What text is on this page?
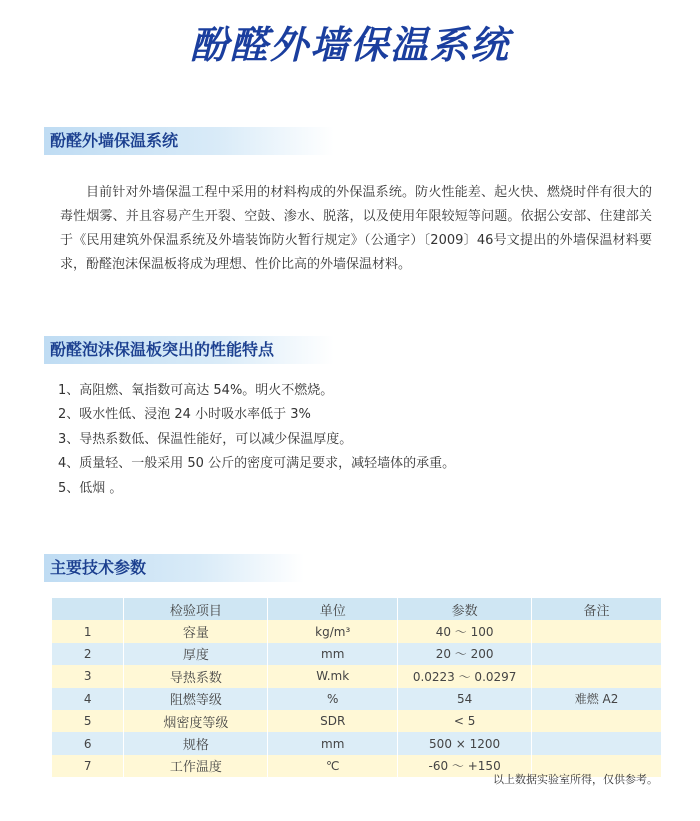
酚醛外墙保温系统
酚醛外墙保温系统
目前针对外墙保温工程中采用的材料构成的外保温系统。防火性能差、起火快、燃烧时伴有很大的毒性烟雾、并且容易产生开裂、空鼓、渗水、脱落，以及使用年限较短等问题。依据公安部、住建部关于《民用建筑外保温系统及外墙装饰防火暂行规定》（公通字）〔2009〕46号文提出的外墙保温材料要求，酚醛泡沫保温板将成为理想、性价比高的外墙保温材料。
酚醛泡沫保温板突出的性能特点
1、高阻燃、氧指数可高达 54%。明火不燃烧。
2、吸水性低、浸泡 24 小时吸水率低于 3%
3、导热系数低、保温性能好，可以减少保温厚度。
4、质量轻、一般采用 50 公斤的密度可满足要求，减轻墙体的承重。
5、低烟 。
主要技术参数
	检验项目	单位	参数	备注
1	容量	kg/m³	40 ～ 100	
2	厚度	mm	20 ～ 200	
3	导热系数	W.mk	0.0223 ～ 0.0297	
4	阻燃等级	%	54	难燃 A2
5	烟密度等级	SDR	< 5	
6	规格	mm	500 × 1200	
7	工作温度	℃	-60 ～ +150	
以上数据实验室所得，仅供参考。
